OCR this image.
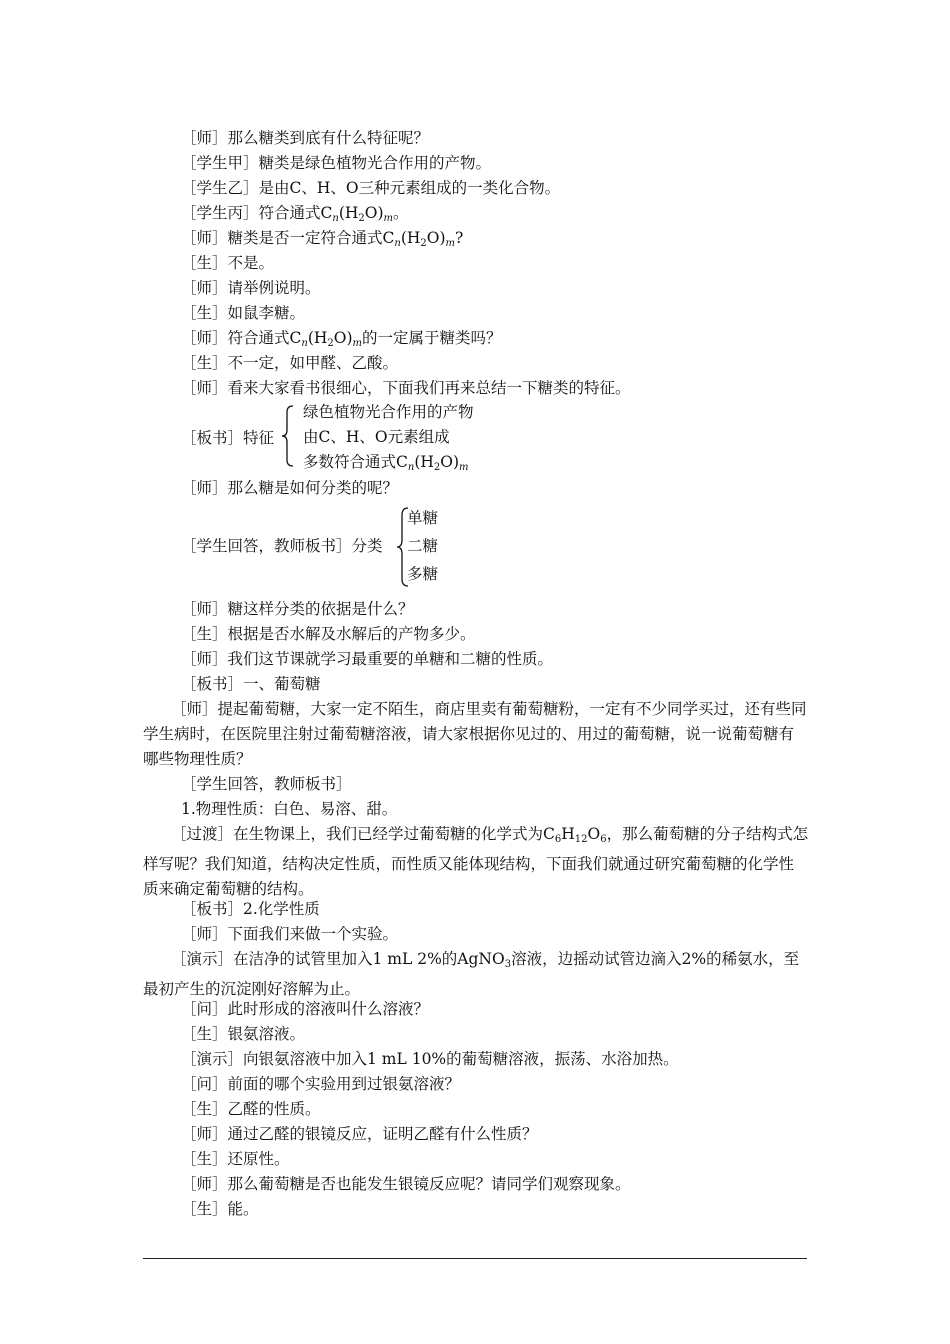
［师］那么糖类到底有什么特征呢？
［学生甲］糖类是绿色植物光合作用的产物。
［学生乙］是由C、H、O三种元素组成的一类化合物。
［学生丙］符合通式$Cn(H_2O)m$。
［师］糖类是否一定符合通式$Cn(H_2O)m$?
［生］不是。
［师］请举例说明。
［生］如鼠李糖。
［师］符合通式$Cn(H_2O)m$的一定属于糖类吗？
［生］不一定，如甲醛、乙酸。
［师］看来大家看书很细心，下面我们再来总结一下糖类的特征。
［板书］特征
绿色植物光合作用的产物
由C、H、O元素组成
多数符合通式$Cn(H_2O)m$
［师］那么糖是如何分类的呢？
［学生回答，教师板书］分类
单糖
二糖
多糖
［师］糖这样分类的依据是什么？
［生］根据是否水解及水解后的产物多少。
［师］我们这节课就学习最重要的单糖和二糖的性质。
［板书］一、葡萄糖
［师］提起葡萄糖，大家一定不陌生，商店里卖有葡萄糖粉，一定有不少同学买过，还有些同学生病时，在医院里注射过葡萄糖溶液，请大家根据你见过的、用过的葡萄糖，说一说葡萄糖有哪些物理性质？
［学生回答，教师板书］
1.物理性质：白色、易溶、甜。
［过渡］在生物课上，我们已经学过葡萄糖的化学式为$C_6H_{12}O_6$，那么葡萄糖的分子结构式怎样写呢？我们知道，结构决定性质，而性质又能体现结构，下面我们就通过研究葡萄糖的化学性质来确定葡萄糖的结构。
［板书］2.化学性质
［师］下面我们来做一个实验。
［演示］在洁净的试管里加入1 mL 2%的AgNO$_3$溶液，边摇动试管边滴入2%的稀氨水，至最初产生的沉淀刚好溶解为止。
［问］此时形成的溶液叫什么溶液？
［生］银氨溶液。
［演示］向银氨溶液中加入1 mL 10%的葡萄糖溶液，振荡、水浴加热。
［问］前面的哪个实验用到过银氨溶液？
［生］乙醛的性质。
［师］通过乙醛的银镜反应，证明乙醛有什么性质？
［生］还原性。
［师］那么葡萄糖是否也能发生银镜反应呢？请同学们观察现象。
［生］能。
